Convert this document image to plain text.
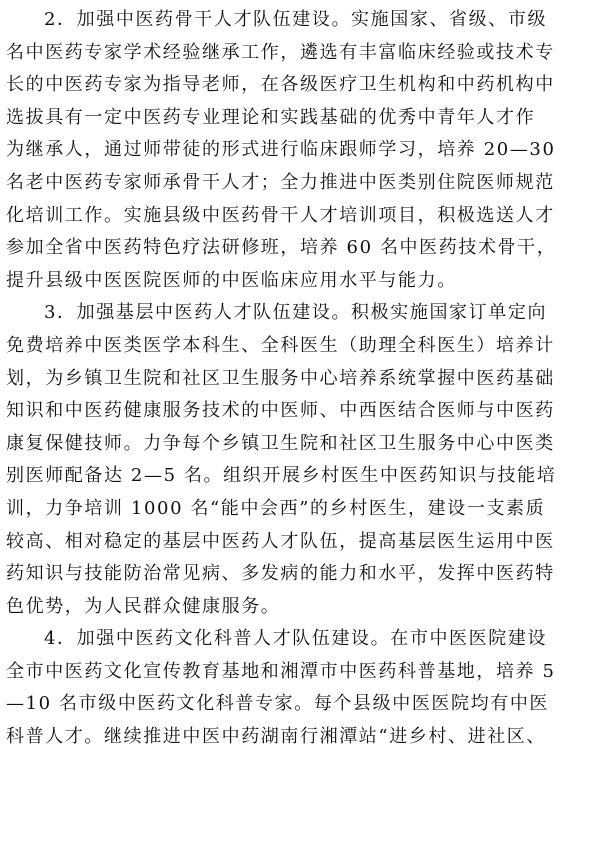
2．加强中医药骨干人才队伍建设。实施国家、省级、市级
名中医药专家学术经验继承工作，遴选有丰富临床经验或技术专
长的中医药专家为指导老师，在各级医疗卫生机构和中药机构中
选拔具有一定中医药专业理论和实践基础的优秀中青年人才作
为继承人，通过师带徒的形式进行临床跟师学习，培养 20—30
名老中医药专家师承骨干人才；全力推进中医类别住院医师规范
化培训工作。实施县级中医药骨干人才培训项目，积极选送人才
参加全省中医药特色疗法研修班，培养 60 名中医药技术骨干，
提升县级中医医院医师的中医临床应用水平与能力。
3．加强基层中医药人才队伍建设。积极实施国家订单定向
免费培养中医类医学本科生、全科医生（助理全科医生）培养计
划，为乡镇卫生院和社区卫生服务中心培养系统掌握中医药基础
知识和中医药健康服务技术的中医师、中西医结合医师与中医药
康复保健技师。力争每个乡镇卫生院和社区卫生服务中心中医类
别医师配备达 2—5 名。组织开展乡村医生中医药知识与技能培
训，力争培训 1000 名“能中会西”的乡村医生，建设一支素质
较高、相对稳定的基层中医药人才队伍，提高基层医生运用中医
药知识与技能防治常见病、多发病的能力和水平，发挥中医药特
色优势，为人民群众健康服务。
4．加强中医药文化科普人才队伍建设。在市中医医院建设
全市中医药文化宣传教育基地和湘潭市中医药科普基地，培养 5
—10 名市级中医药文化科普专家。每个县级中医医院均有中医
科普人才。继续推进中医中药湖南行湘潭站“进乡村、进社区、
